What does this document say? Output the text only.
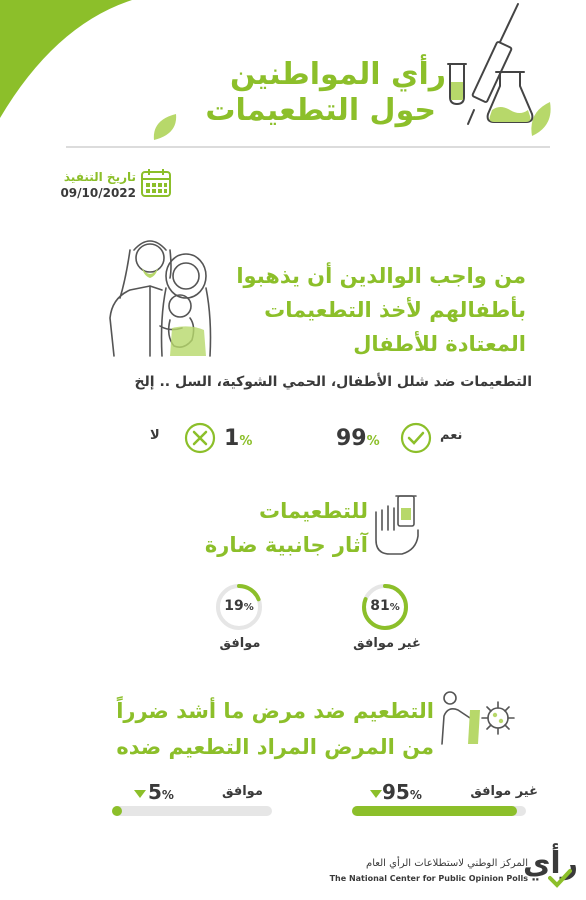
رأي المواطنين
حول التطعيمات
تاريخ التنفيذ
09/10/2022
من واجب الوالدين أن يذهبوا
بأطفالهم لأخذ التطعيمات
المعتادة للأطفال
التطعيمات ضد شلل الأطفال، الحمي الشوكية، السل .. إلخ
99%	نعم
لا	1%
للتطعيمات
آثار جانبية ضارة
81%
غير موافق
19%
موافق
التطعيم ضد مرض ما أشد ضرراً
من المرض المراد التطعيم ضده
غير موافق
95%
موافق
5%
المركز الوطني لاستطلاعات الرأي العام
The National Center for Public Opinion Polls
رأي
